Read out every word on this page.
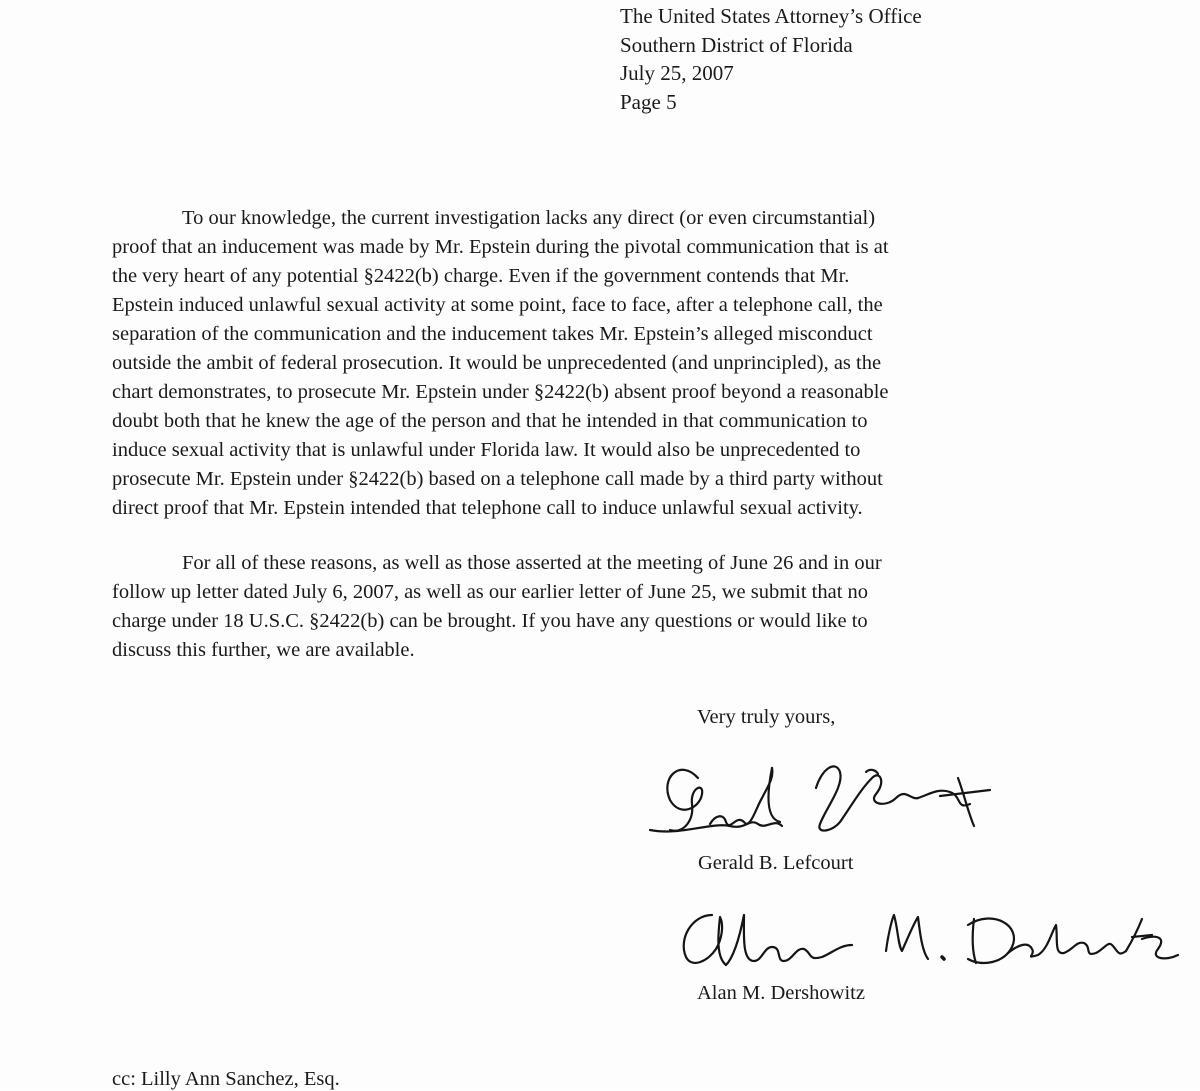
The United States Attorney’s Office
Southern District of Florida
July 25, 2007
Page 5
To our knowledge, the current investigation lacks any direct (or even circumstantial)
proof that an inducement was made by Mr. Epstein during the pivotal communication that is at
the very heart of any potential §2422(b) charge. Even if the government contends that Mr.
Epstein induced unlawful sexual activity at some point, face to face, after a telephone call, the
separation of the communication and the inducement takes Mr. Epstein’s alleged misconduct
outside the ambit of federal prosecution. It would be unprecedented (and unprincipled), as the
chart demonstrates, to prosecute Mr. Epstein under §2422(b) absent proof beyond a reasonable
doubt both that he knew the age of the person and that he intended in that communication to
induce sexual activity that is unlawful under Florida law. It would also be unprecedented to
prosecute Mr. Epstein under §2422(b) based on a telephone call made by a third party without
direct proof that Mr. Epstein intended that telephone call to induce unlawful sexual activity.
For all of these reasons, as well as those asserted at the meeting of June 26 and in our
follow up letter dated July 6, 2007, as well as our earlier letter of June 25, we submit that no
charge under 18 U.S.C. §2422(b) can be brought. If you have any questions or would like to
discuss this further, we are available.
Very truly yours,
Gerald B. Lefcourt
Alan M. Dershowitz
cc: Lilly Ann Sanchez, Esq.
